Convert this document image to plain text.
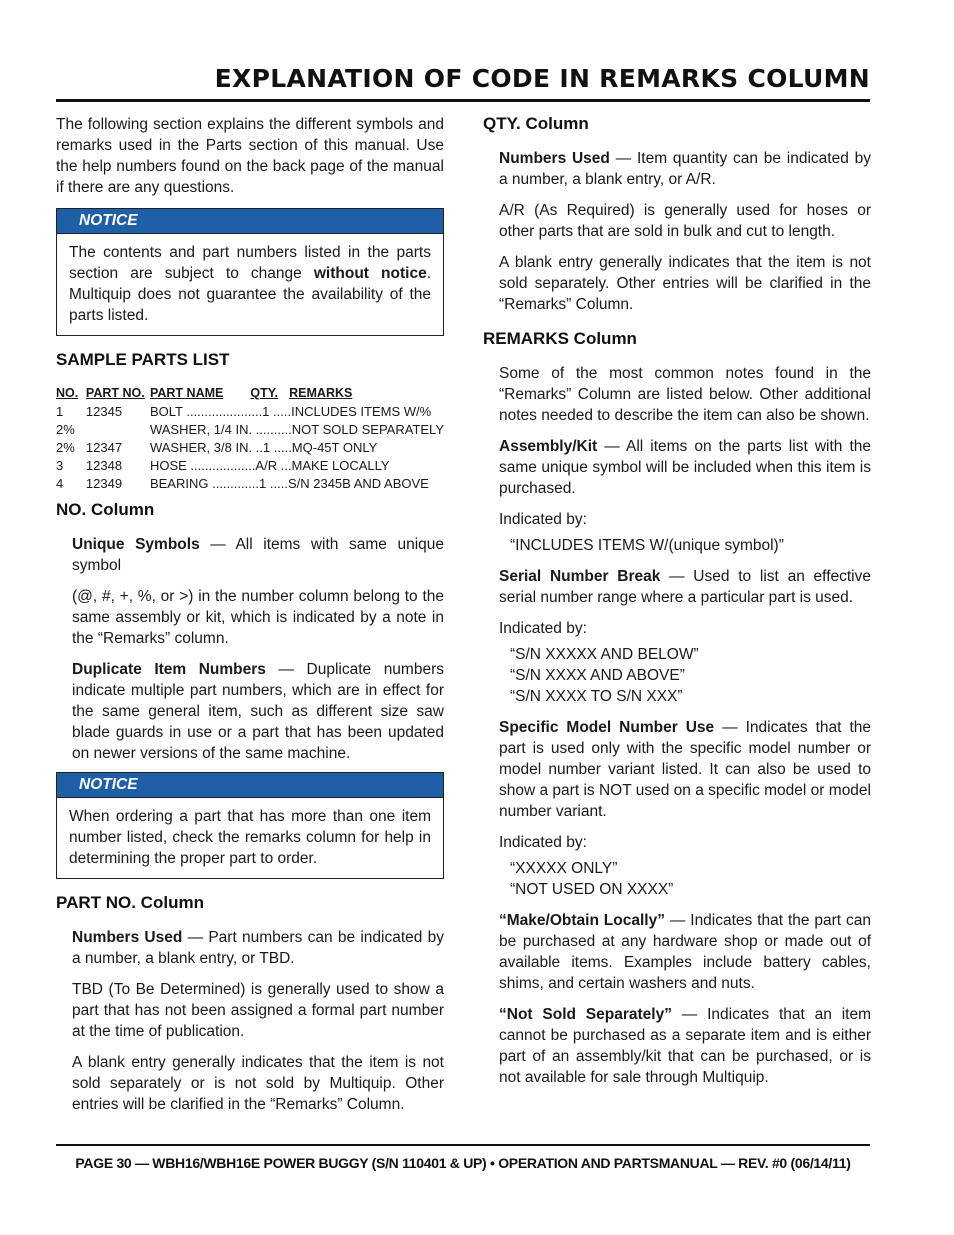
EXPLANATION OF CODE IN REMARKS COLUMN

The following section explains the different symbols and remarks used in the Parts section of this manual. Use the help numbers found on the back page of the manual if there are any questions.

NOTICE

The contents and part numbers listed in the parts section are subject to change without notice. Multiquip does not guarantee the availability of the parts listed.

SAMPLE PARTS LIST
NO.	PART NO.	PART NAME QTY. REMARKS
1	12345	BOLT .....................1 .....INCLUDES ITEMS W/%
2%		WASHER, 1/4 IN. ..........NOT SOLD SEPARATELY
2%	12347	WASHER, 3/8 IN. ..1 .....MQ-45T ONLY
3	12348	HOSE ..................A/R ...MAKE LOCALLY
4	12349	BEARING .............1 .....S/N 2345B AND ABOVE
NO. Column

Unique Symbols — All items with same unique symbol

(@, #, +, %, or >) in the number column belong to the same assembly or kit, which is indicated by a note in the “Remarks” column.

Duplicate Item Numbers — Duplicate numbers indicate multiple part numbers, which are in effect for the same general item, such as different size saw blade guards in use or a part that has been updated on newer versions of the same machine.

NOTICE

When ordering a part that has more than one item number listed, check the remarks column for help in determining the proper part to order.

PART NO. Column

Numbers Used — Part numbers can be indicated by a number, a blank entry, or TBD.

TBD (To Be Determined) is generally used to show a part that has not been assigned a formal part number at the time of publication.

A blank entry generally indicates that the item is not sold separately or is not sold by Multiquip. Other entries will be clarified in the “Remarks” Column.

QTY. Column

Numbers Used — Item quantity can be indicated by a number, a blank entry, or A/R.

A/R (As Required) is generally used for hoses or other parts that are sold in bulk and cut to length.

A blank entry generally indicates that the item is not sold separately. Other entries will be clarified in the “Remarks” Column.

REMARKS Column

Some of the most common notes found in the “Remarks” Column are listed below. Other additional notes needed to describe the item can also be shown.

Assembly/Kit — All items on the parts list with the same unique symbol will be included when this item is purchased.

Indicated by:

“INCLUDES ITEMS W/(unique symbol)”

Serial Number Break — Used to list an effective serial number range where a particular part is used.

Indicated by:

“S/N XXXXX AND BELOW”

“S/N XXXX AND ABOVE”

“S/N XXXX TO S/N XXX”

Specific Model Number Use — Indicates that the part is used only with the specific model number or model number variant listed. It can also be used to show a part is NOT used on a specific model or model number variant.

Indicated by:

“XXXXX ONLY”

“NOT USED ON XXXX”

“Make/Obtain Locally” — Indicates that the part can be purchased at any hardware shop or made out of available items. Examples include battery cables, shims, and certain washers and nuts.

“Not Sold Separately” — Indicates that an item cannot be purchased as a separate item and is either part of an assembly/kit that can be purchased, or is not available for sale through Multiquip.

PAGE 30 — WBH16/WBH16E POWER BUGGY (S/N 110401 & UP) • OPERATION AND PARTSMANUAL — REV. #0 (06/14/11)
